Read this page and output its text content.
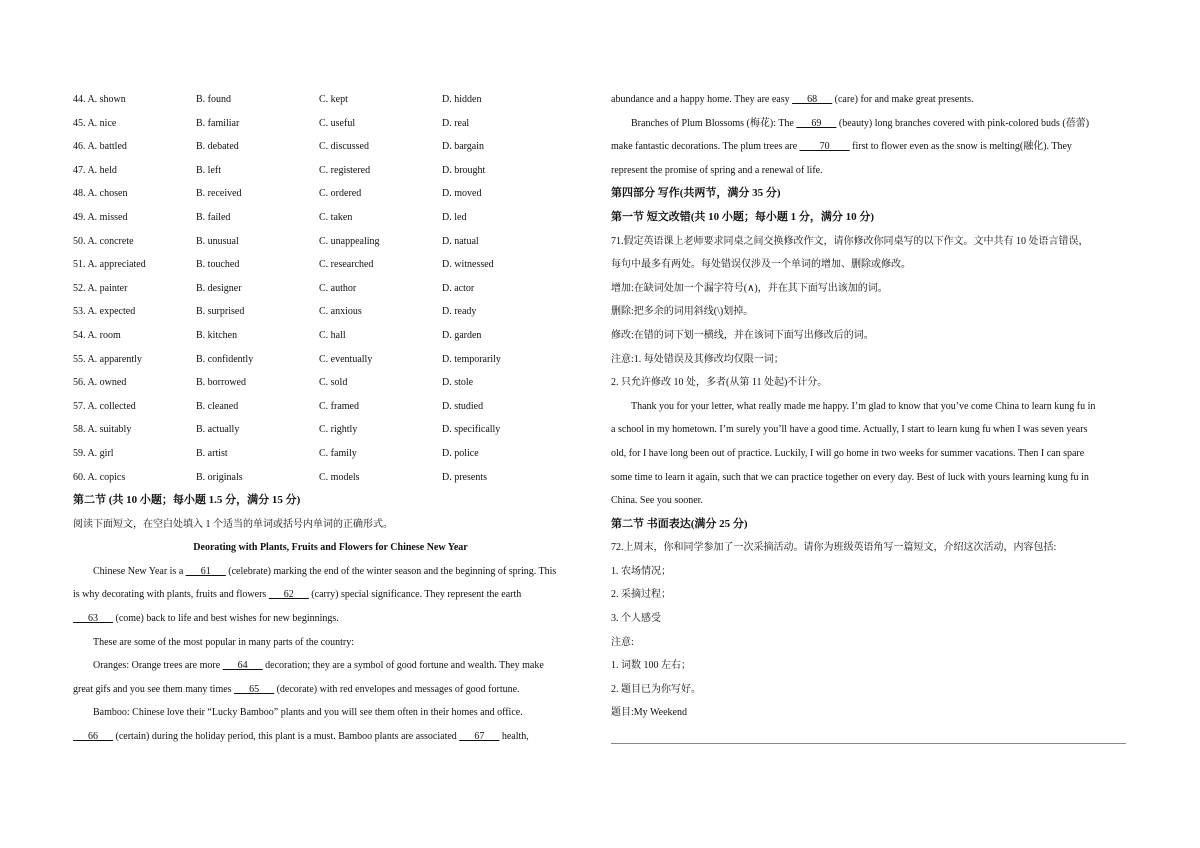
44. A. shown	B. found	C. kept	D. hidden
45. A. nice	B. familiar	C. useful	D. real
46. A. battled	B. debated	C. discussed	D. bargain
47. A. held	B. left	C. registered	D. brought
48. A. chosen	B. received	C. ordered	D. moved
49. A. missed	B. failed	C. taken	D. led
50. A. concrete	B. unusual	C. unappealing	D. natual
51. A. appreciated	B. touched	C. researched	D. witnessed
52. A. painter	B. designer	C. author	D. actor
53. A. expected	B. surprised	C. anxious	D. ready
54. A. room	B. kitchen	C. hall	D. garden
55. A. apparently	B. confidently	C. eventually	D. temporarily
56. A. owned	B. borrowed	C. sold	D. stole
57. A. collected	B. cleaned	C. framed	D. studied
58. A. suitably	B. actually	C. rightly	D. specifically
59. A. girl	B. artist	C. family	D. police
60. A. copics	B. originals	C. models	D. presents
第二节 (共 10 小题；每小题 1.5 分，满分 15 分)
阅读下面短文，在空白处填入 1 个适当的单词或括号内单词的正确形式。
Deorating with Plants, Fruits and Flowers for Chinese New Year
Chinese New Year is a ___61___ (celebrate) marking the end of the winter season and the beginning of spring. This
is why decorating with plants, fruits and flowers ___62___ (carry) special significance. They represent the earth
___63___ (come) back to life and best wishes for new beginnings.
These are some of the most popular in many parts of the country:
Oranges: Orange trees are more ___64___ decoration; they are a symbol of good fortune and wealth. They make
great gifs and you see them many times ___65___ (decorate) with red envelopes and messages of good fortune.
Bamboo: Chinese love their “Lucky Bamboo” plants and you will see them often in their homes and office.
___66___ (certain) during the holiday period, this plant is a must. Bamboo plants are associated ___67___ health,
abundance and a happy home. They are easy ___68___ (care) for and make great presents.
Branches of Plum Blossoms (梅花): The ___69___ (beauty) long branches covered with pink-colored buds (蓓蕾)
make fantastic decorations. The plum trees are ____70____ first to flower even as the snow is melting(融化). They
represent the promise of spring and a renewal of life.
第四部分 写作(共两节，满分 35 分)
第一节 短文改错(共 10 小题；每小题 1 分，满分 10 分)
71.假定英语课上老师要求同桌之间交换修改作文，请你修改你同桌写的以下作文。文中共有 10 处语言错误，
每句中最多有两处。每处错误仅涉及一个单词的增加、删除或修改。
增加:在缺词处加一个漏字符号(∧)，并在其下面写出该加的词。
删除:把多余的词用斜线(\)划掉。
修改:在错的词下划一横线，并在该词下面写出修改后的词。
注意:1. 每处错误及其修改均仅限一词；
2. 只允许修改 10 处，多者(从第 11 处起)不计分。
Thank you for your letter, what really made me happy. I’m glad to know that you’ve come China to learn kung fu in
a school in my hometown. I’m surely you’ll have a good time. Actually, I start to learn kung fu when I was seven years
old, for I have long been out of practice. Luckily, I will go home in two weeks for summer vacations. Then I can spare
some time to learn it again, such that we can practice together on every day. Best of luck with yours learning kung fu in
China. See you sooner.
第二节 书面表达(满分 25 分)
72.上周末，你和同学参加了一次采摘活动。请你为班级英语角写一篇短文，介绍这次活动，内容包括:
1. 农场情况；
2. 采摘过程；
3. 个人感受
注意:
1. 词数 100 左右；
2. 题目已为你写好。
题目:My Weekend
